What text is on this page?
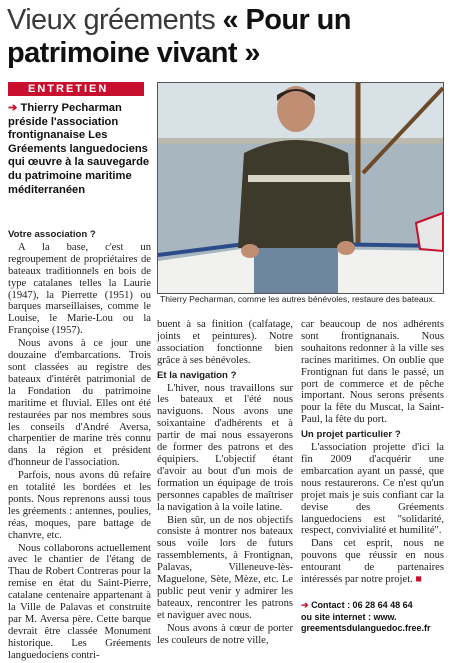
Vieux gréements « Pour un patrimoine vivant »
ENTRETIEN
➔ Thierry Pecharman préside l'association frontignanaise Les Gréements languedociens qui œuvre à la sauvegarde du patrimoine maritime méditerranéen
Thierry Pecharman, comme les autres bénévoles, restaure des bateaux.

Votre association ?

A la base, c'est un regroupement de propriétaires de bateaux traditionnels en bois de type catalanes telles la Laurie (1947), la Pierrette (1951) ou barques marseillaises, comme le Louise, le Marie-Lou ou la Françoise (1957).

Nous avons à ce jour une douzaine d'embarcations. Trois sont classées au registre des bateaux d'intérêt patrimonial de la Fondation du patrimoine maritime et fluvial. Elles ont été restaurées par nos membres sous les conseils d'André Aversa, charpentier de marine très connu dans la région et président d'honneur de l'association.

Parfois, nous avons dû refaire en totalité les bordées et les ponts. Nous reprenons aussi tous les gréements : antennes, poulies, réas, moques, pare battage de chanvre, etc.

Nous collaborons actuellement avec le chantier de l'étang de Thau de Robert Contreras pour la remise en état du Saint-Pierre, catalane centenaire appartenant à la Ville de Palavas et construite par M. Aversa père. Cette barque devrait être classée Monument historique. Les Gréements languedociens contri-

buent à sa finition (calfatage, joints et peintures). Notre association fonctionne bien grâce à ses bénévoles.

Et la navigation ?

L'hiver, nous travaillons sur les bateaux et l'été nous naviguons. Nous avons une soixantaine d'adhérents et à partir de mai nous essayerons de former des patrons et des équipiers. L'objectif étant d'avoir au bout d'un mois de formation un équipage de trois personnes capables de maîtriser la navigation à la voile latine.

Bien sûr, un de nos objectifs consiste à montrer nos bateaux sous voile lors de futurs rassemblements, à Frontignan, Palavas, Villeneuve-lès-Maguelone, Sète, Mèze, etc. Le public peut venir y admirer les bateaux, rencontrer les patrons et naviguer avec nous.

Nous avons à cœur de porter les couleurs de notre ville,

car beaucoup de nos adhérents sont frontignanais. Nous souhaitons redonner à la ville ses racines maritimes. On oublie que Frontignan fut dans le passé, un port de commerce et de pêche important. Nous serons présents pour la fête du Muscat, la Saint-Paul, la fête du port.

Un projet particulier ?

L'association projette d'ici la fin 2009 d'acquérir une embarcation ayant un passé, que nous restaurerons. Ce n'est qu'un projet mais je suis confiant car la devise des Gréements languedociens est "solidarité, respect, convivialité et humilité".

Dans cet esprit, nous ne pouvons que réussir en nous entourant de partenaires intéressés par notre projet. ■

➔ Contact : 06 28 64 48 64
ou site internet : www.
greementsdulanguedoc.free.fr
